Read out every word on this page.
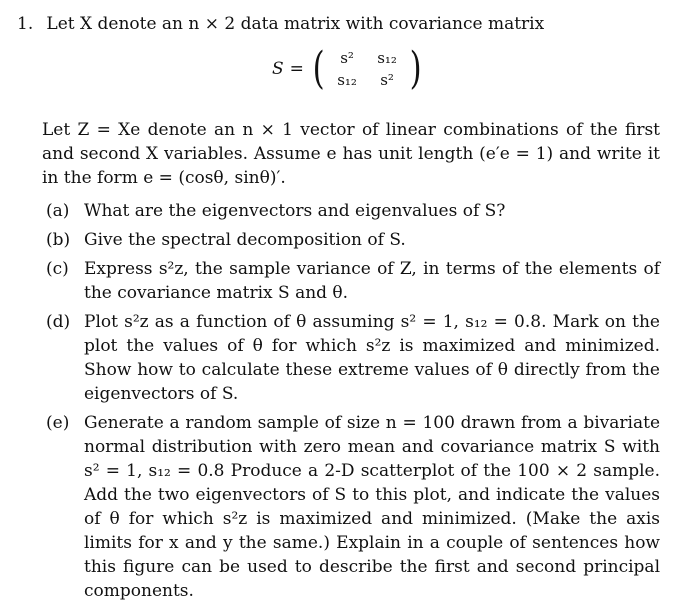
1. Let X denote an n × 2 data matrix with covariance matrix
S = (	s²	s₁₂
s₁₂	s² )

Let Z = Xe denote an n × 1 vector of linear combinations of the first and second X variables. Assume e has unit length (e′e = 1) and write it in the form e = (cosθ, sinθ)′.

(a) What are the eigenvectors and eigenvalues of S?
(b) Give the spectral decomposition of S.
(c) Express s²z, the sample variance of Z, in terms of the elements of the covariance matrix S and θ.
(d) Plot s²z as a function of θ assuming s² = 1, s₁₂ = 0.8. Mark on the plot the values of θ for which s²z is maximized and minimized. Show how to calculate these extreme values of θ directly from the eigenvectors of S.
(e) Generate a random sample of size n = 100 drawn from a bivariate normal distribution with zero mean and covariance matrix S with s² = 1, s₁₂ = 0.8 Produce a 2-D scatterplot of the 100 × 2 sample. Add the two eigenvectors of S to this plot, and indicate the values of θ for which s²z is maximized and minimized. (Make the axis limits for x and y the same.) Explain in a couple of sentences how this figure can be used to describe the first and second principal components.
